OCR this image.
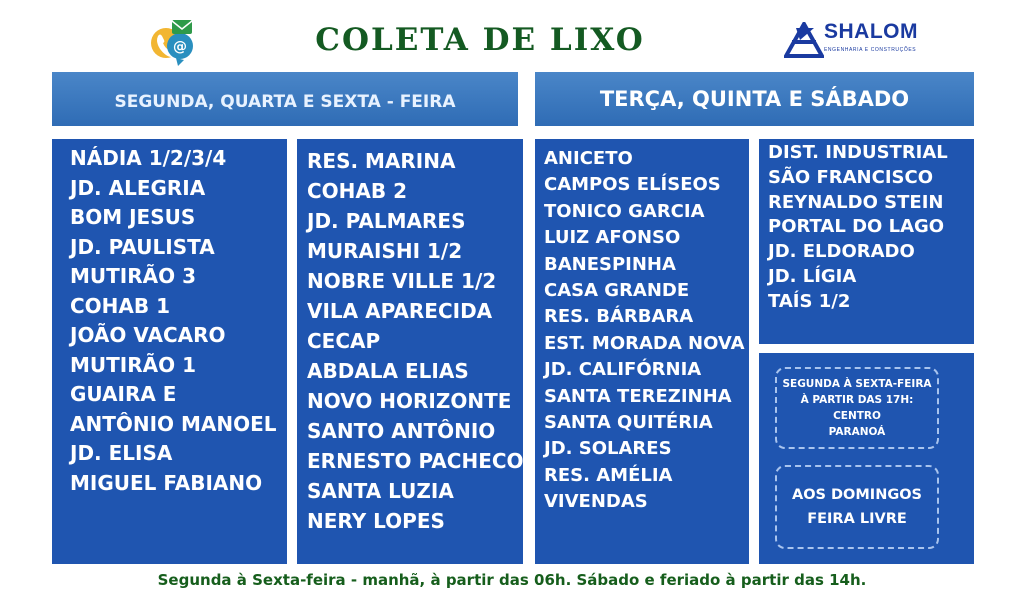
@	COLETA DE LIXO	SHALOM
ENGENHARIA E CONSTRUÇÕES
SEGUNDA, QUARTA E SEXTA - FEIRA	TERÇA, QUINTA E SÁBADO
NÁDIA 1/2/3/4
JD. ALEGRIA
BOM JESUS
JD. PAULISTA
MUTIRÃO 3
COHAB 1
JOÃO VACARO
MUTIRÃO 1
GUAIRA E
ANTÔNIO MANOEL
JD. ELISA
MIGUEL FABIANO
RES. MARINA
COHAB 2
JD. PALMARES
MURAISHI 1/2
NOBRE VILLE 1/2
VILA APARECIDA
CECAP
ABDALA ELIAS
NOVO HORIZONTE
SANTO ANTÔNIO
ERNESTO PACHECO
SANTA LUZIA
NERY LOPES
ANICETO
CAMPOS ELÍSEOS
TONICO GARCIA
LUIZ AFONSO
BANESPINHA
CASA GRANDE
RES. BÁRBARA
EST. MORADA NOVA
JD. CALIFÓRNIA
SANTA TEREZINHA
SANTA QUITÉRIA
JD. SOLARES
RES. AMÉLIA
VIVENDAS
DIST. INDUSTRIAL
SÃO FRANCISCO
REYNALDO STEIN
PORTAL DO LAGO
JD. ELDORADO
JD. LÍGIA
TAÍS 1/2
SEGUNDA À SEXTA-FEIRA
À PARTIR DAS 17H:
CENTRO
PARANOÁ
AOS DOMINGOS
FEIRA LIVRE
Segunda à Sexta-feira - manhã, à partir das 06h. Sábado e feriado à partir das 14h.
